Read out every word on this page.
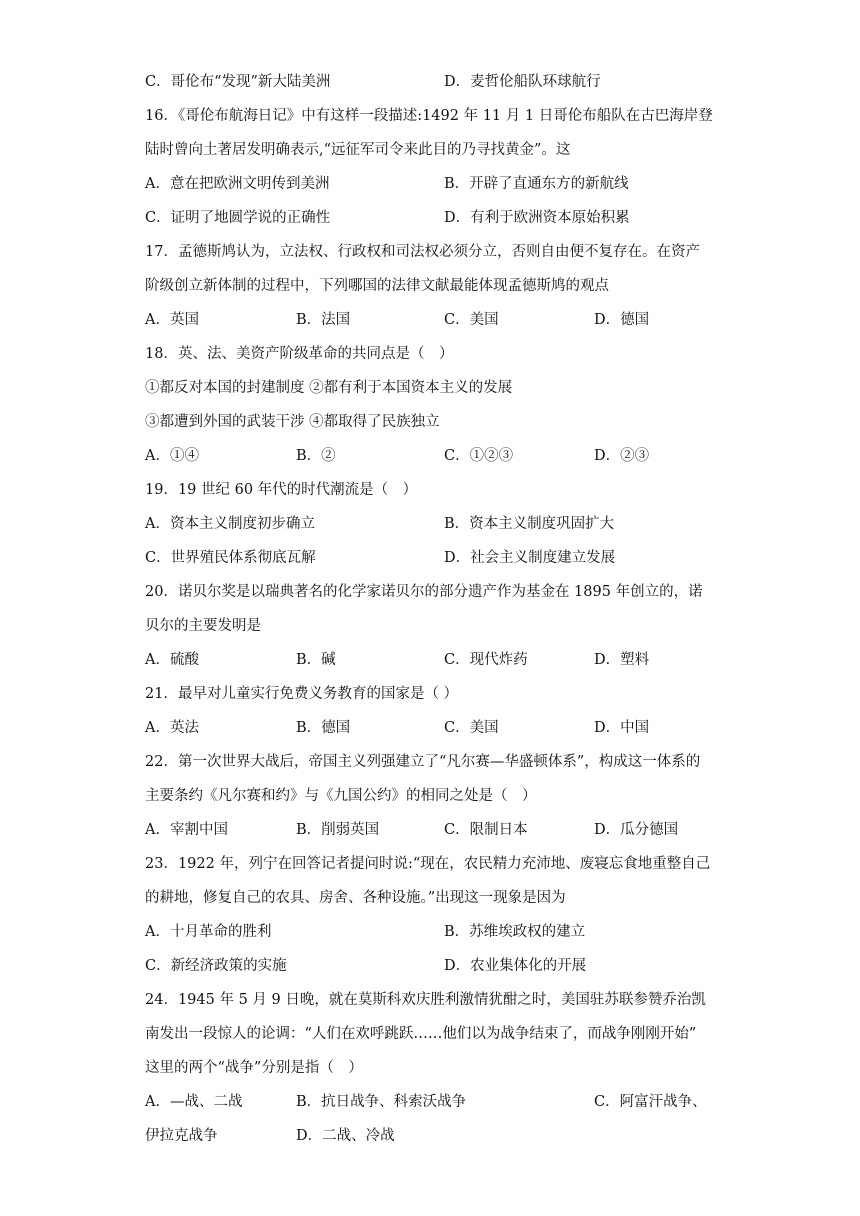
C．哥伦布“发现”新大陆美洲	D．麦哲伦船队环球航行
16．《哥伦布航海日记》中有这样一段描述:1492 年 11 月 1 日哥伦布船队在古巴海岸登
陆时曾向土著居发明确表示,“远征军司令来此目的乃寻找黄金”。这
A．意在把欧洲文明传到美洲	B．开辟了直通东方的新航线
C．证明了地圆学说的正确性	D．有利于欧洲资本原始积累
17．孟德斯鸠认为，立法权、行政权和司法权必须分立，否则自由便不复存在。在资产
阶级创立新体制的过程中，下列哪国的法律文献最能体现孟德斯鸠的观点
A．英国	B．法国	C．美国	D．德国
18．英、法、美资产阶级革命的共同点是（　）
①都反对本国的封建制度 ②都有利于本国资本主义的发展
③都遭到外国的武装干涉 ④都取得了民族独立
A．①④	B．②	C．①②③	D．②③
19．19 世纪 60 年代的时代潮流是（　）
A．资本主义制度初步确立	B．资本主义制度巩固扩大
C．世界殖民体系彻底瓦解	D．社会主义制度建立发展
20．诺贝尔奖是以瑞典著名的化学家诺贝尔的部分遗产作为基金在 1895 年创立的，诺
贝尔的主要发明是
A．硫酸	B．碱	C．现代炸药	D．塑料
21．最早对儿童实行免费义务教育的国家是（ ）
A．英法	B．德国	C．美国	D．中国
22．第一次世界大战后，帝国主义列强建立了“凡尔赛—华盛顿体系”，构成这一体系的
主要条约《凡尔赛和约》与《九国公约》的相同之处是（　）
A．宰割中国	B．削弱英国	C．限制日本	D．瓜分德国
23．1922 年，列宁在回答记者提问时说:“现在，农民精力充沛地、废寝忘食地重整自己
的耕地，修复自己的农具、房舍、各种设施。”出现这一现象是因为
A．十月革命的胜利	B．苏维埃政权的建立
C．新经济政策的实施	D．农业集体化的开展
24．1945 年 5 月 9 日晚，就在莫斯科欢庆胜利激情犹酣之时，美国驻苏联参赞乔治凯
南发出一段惊人的论调：“人们在欢呼跳跃……他们以为战争结束了，而战争刚刚开始”
这里的两个“战争”分别是指（　）
A．—战、二战	B．抗日战争、科索沃战争	C．阿富汗战争、
伊拉克战争	D．二战、冷战
